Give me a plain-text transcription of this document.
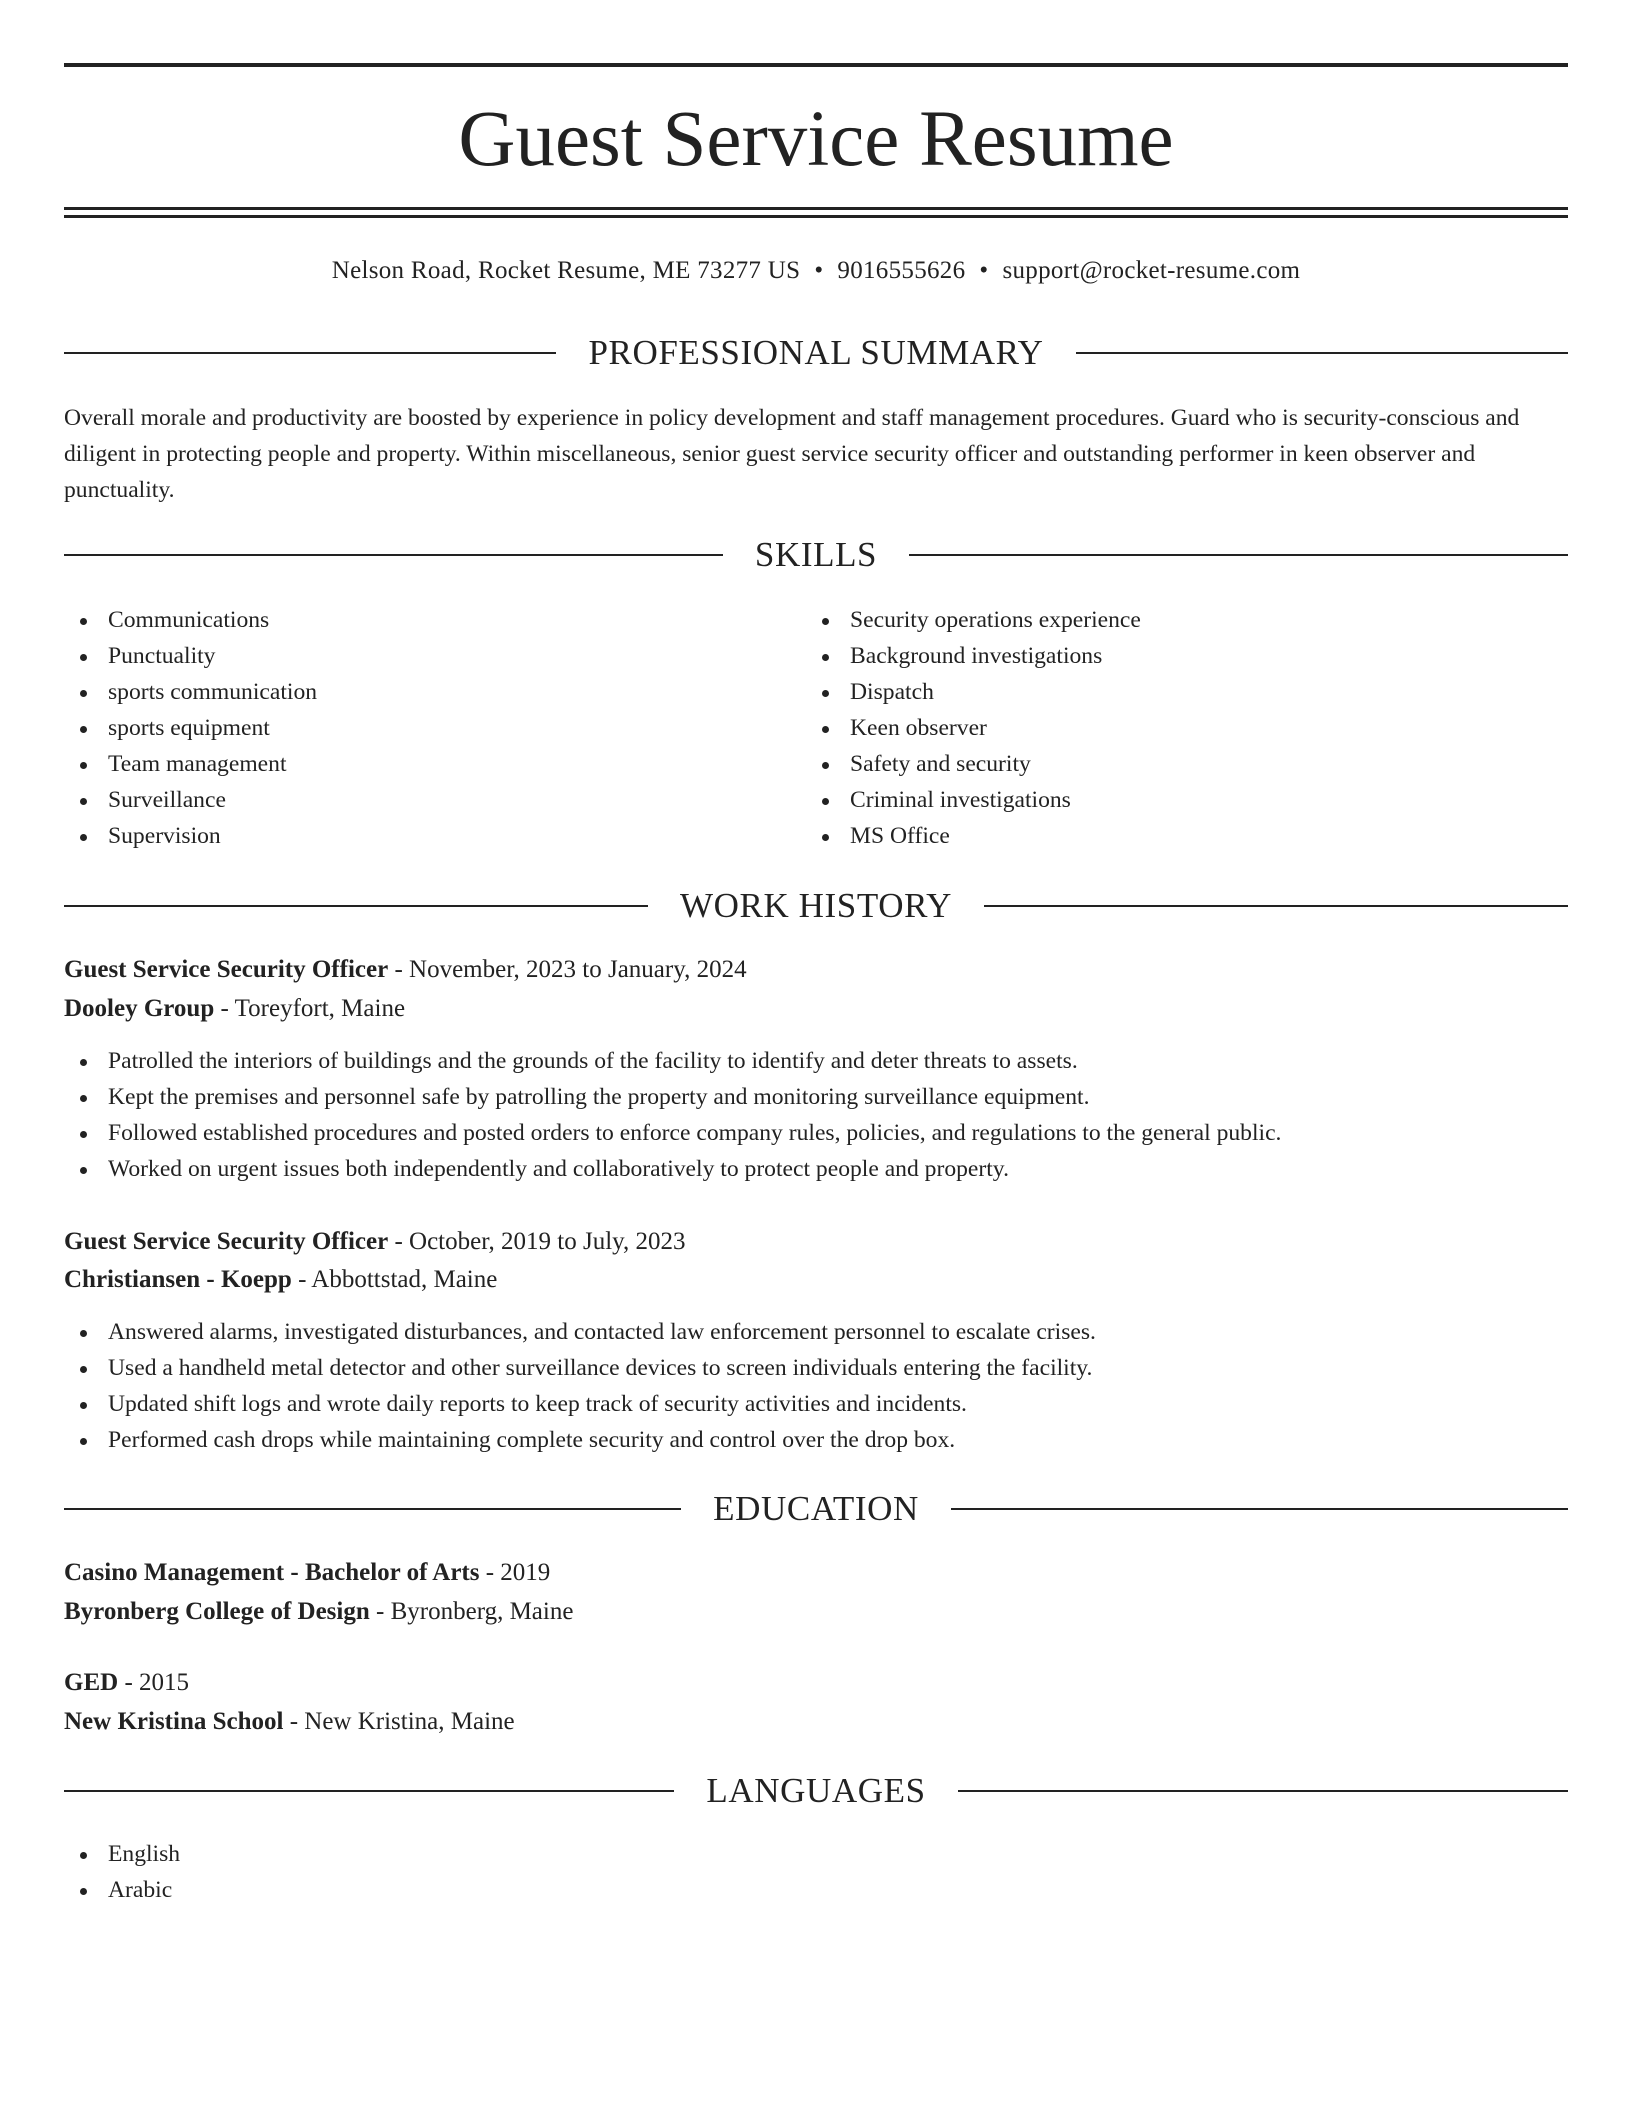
Guest Service Resume
Nelson Road, Rocket Resume, ME 73277 US • 9016555626 • support@rocket-resume.com
PROFESSIONAL SUMMARY

Overall morale and productivity are boosted by experience in policy development and staff management procedures. Guard who is security-conscious and diligent in protecting people and property. Within miscellaneous, senior guest service security officer and outstanding performer in keen observer and punctuality.

SKILLS
Communications
Punctuality
sports communication
sports equipment
Team management
Surveillance
Supervision
Security operations experience
Background investigations
Dispatch
Keen observer
Safety and security
Criminal investigations
MS Office
WORK HISTORY
Guest Service Security Officer - November, 2023 to January, 2024
Dooley Group - Toreyfort, Maine
Patrolled the interiors of buildings and the grounds of the facility to identify and deter threats to assets.
Kept the premises and personnel safe by patrolling the property and monitoring surveillance equipment.
Followed established procedures and posted orders to enforce company rules, policies, and regulations to the general public.
Worked on urgent issues both independently and collaboratively to protect people and property.
Guest Service Security Officer - October, 2019 to July, 2023
Christiansen - Koepp - Abbottstad, Maine
Answered alarms, investigated disturbances, and contacted law enforcement personnel to escalate crises.
Used a handheld metal detector and other surveillance devices to screen individuals entering the facility.
Updated shift logs and wrote daily reports to keep track of security activities and incidents.
Performed cash drops while maintaining complete security and control over the drop box.
EDUCATION
Casino Management - Bachelor of Arts - 2019
Byronberg College of Design - Byronberg, Maine
GED - 2015
New Kristina School - New Kristina, Maine
LANGUAGES
English
Arabic
